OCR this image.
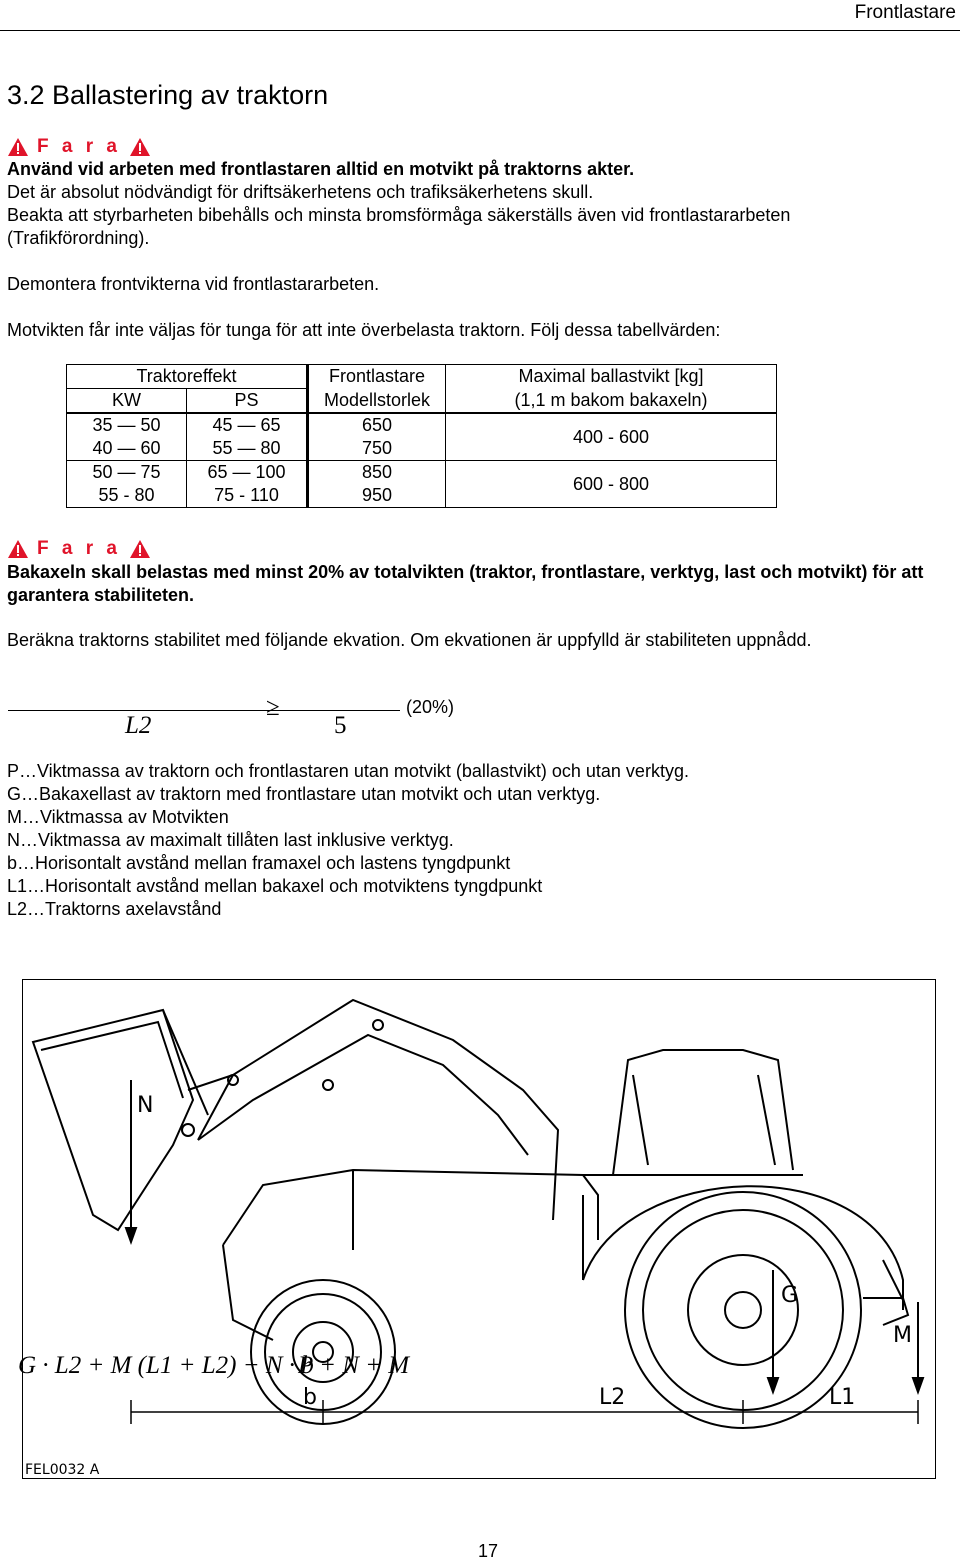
Frontlastare
3.2 Ballastering av traktorn
F a r a
Använd vid arbeten med frontlastaren alltid en motvikt på traktorns akter.
Det är absolut nödvändigt för driftsäkerhetens och trafiksäkerhetens skull.
Beakta att styrbarheten bibehålls och minsta bromsförmåga säkerställs även vid frontlastararbeten
(Trafikförordning).
Demontera frontvikterna vid frontlastararbeten.
Motvikten får inte väljas för tunga för att inte överbelasta traktorn. Följ dessa tabellvärden:
Traktoreffekt		Frontlastare	Maximal ballastvikt [kg]
KW	PS	Modellstorlek	(1,1 m bakom bakaxeln)
35 — 50	45 — 65	650	400 - 600
40 — 60	55 — 80	750	
50 — 75	65 — 100	850	600 - 800
55 - 80	75 - 110	950	
F a r a
Bakaxeln skall belastas med minst 20% av totalvikten (traktor, frontlastare, verktyg, last och motvikt) för att garantera stabiliteten.
Beräkna traktorns stabilitet med följande ekvation. Om ekvationen är uppfylld är stabiliteten uppnådd.
G · L2 + M (L1 + L2) − N · b
P + N + M
≥
L2	5
(20%)
P…Viktmassa av traktorn och frontlastaren utan motvikt (ballastvikt) och utan verktyg.
G…Bakaxellast av traktorn med frontlastare utan motvikt och utan verktyg.
M…Viktmassa av Motvikten
N…Viktmassa av maximalt tillåten last inklusive verktyg.
b…Horisontalt avstånd mellan framaxel och lastens tyngdpunkt
L1…Horisontalt avstånd mellan bakaxel och motviktens tyngdpunkt
L2…Traktorns axelavstånd
N
G
M
b	L2	L1
FEL0032 A
17
